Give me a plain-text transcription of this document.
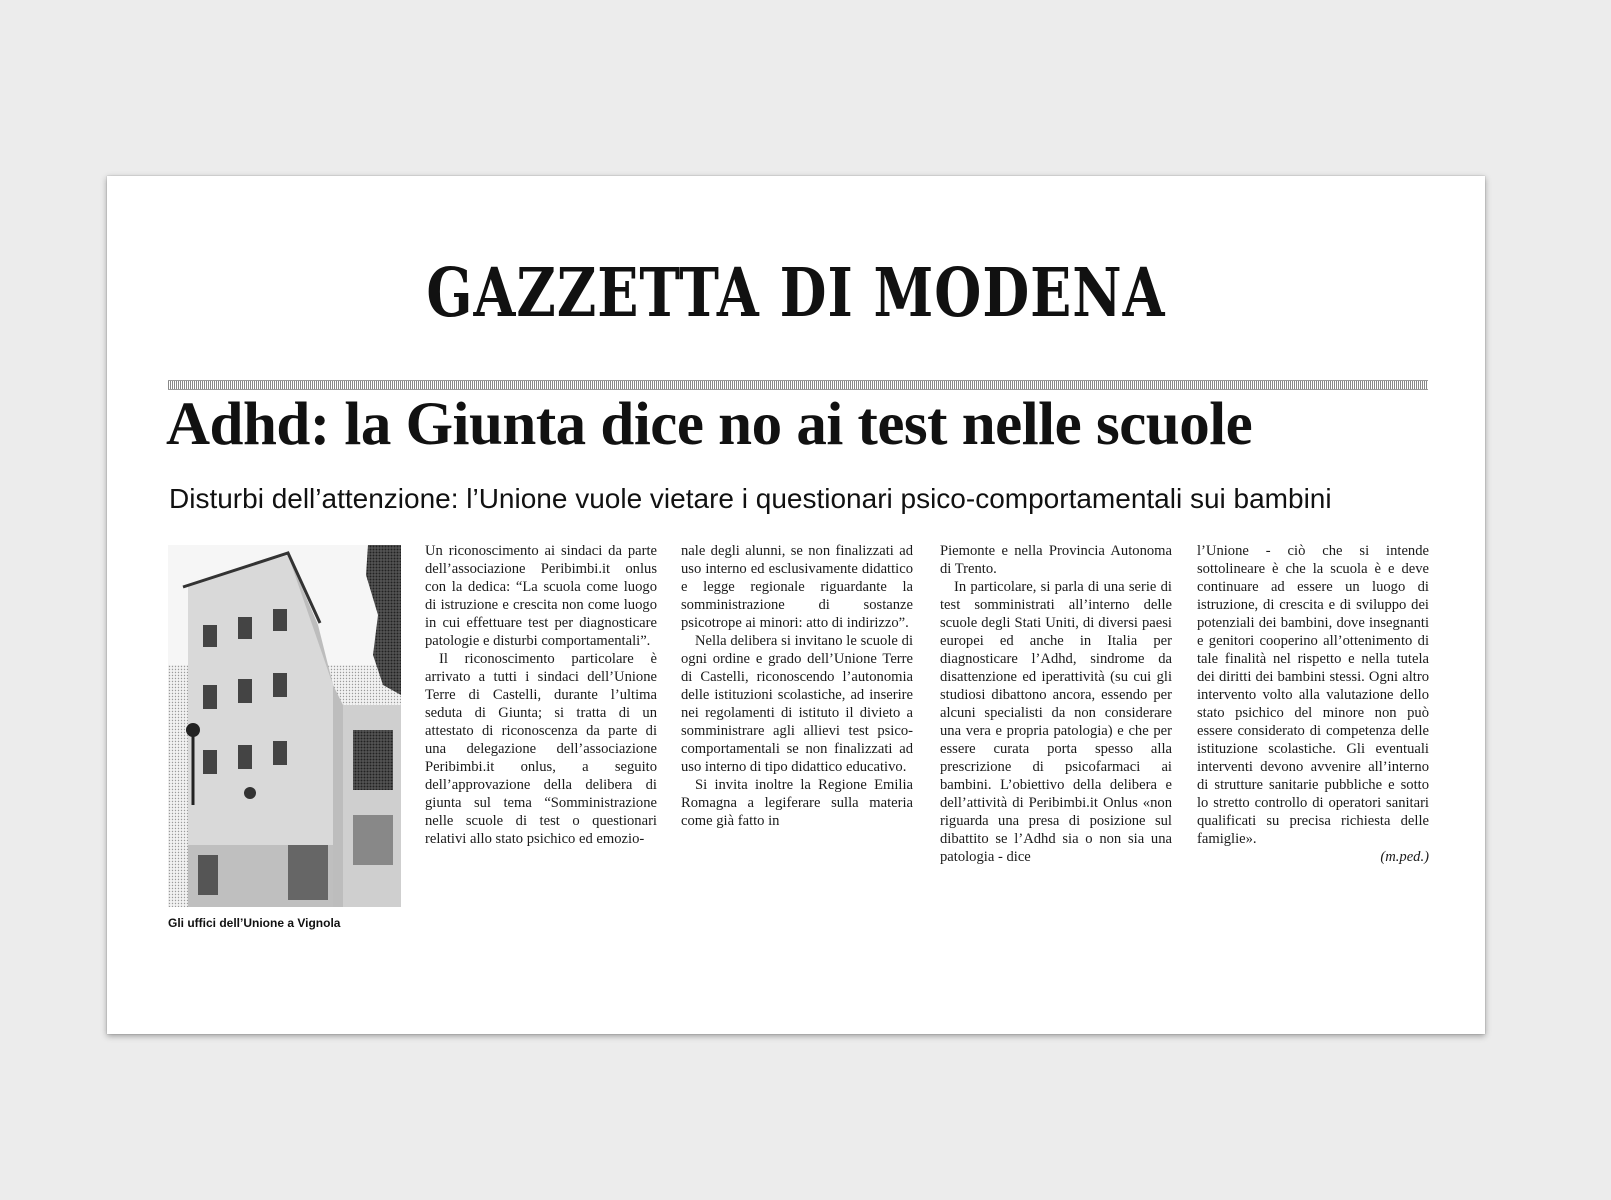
GAZZETTA DI MODENA
Adhd: la Giunta dice no ai test nelle scuole
Disturbi dell’attenzione: l’Unione vuole vietare i questionari psico-comportamentali sui bambini
Gli uffici dell’Unione a Vignola

Un riconoscimento ai sindaci da parte dell’associazione Peribimbi.it onlus con la dedica: “La scuola come luogo di istruzione e crescita non come luogo in cui effettuare test per diagnosticare patologie e disturbi comportamentali”.

Il riconoscimento particolare è arrivato a tutti i sindaci dell’Unione Terre di Castelli, durante l’ultima seduta di Giunta; si tratta di un attestato di riconoscenza da parte di una delegazione dell’associazione Peribimbi.it onlus, a seguito dell’approvazione della delibera di giunta sul tema “Somministrazione nelle scuole di test o questionari relativi allo stato psichico ed emozio-

nale degli alunni, se non finalizzati ad uso interno ed esclusivamente didattico e legge regionale riguardante la somministrazione di sostanze psicotrope ai minori: atto di indirizzo”.

Nella delibera si invitano le scuole di ogni ordine e grado dell’Unione Terre di Castelli, riconoscendo l’autonomia delle istituzioni scolastiche, ad inserire nei regolamenti di istituto il divieto a somministrare agli allievi test psico-comportamentali se non finalizzati ad uso interno di tipo didattico educativo.

Si invita inoltre la Regione Emilia Romagna a legiferare sulla materia come già fatto in

Piemonte e nella Provincia Autonoma di Trento.

In particolare, si parla di una serie di test somministrati all’interno delle scuole degli Stati Uniti, di diversi paesi europei ed anche in Italia per diagnosticare l’Adhd, sindrome da disattenzione ed iperattività (su cui gli studiosi dibattono ancora, essendo per alcuni specialisti da non considerare una vera e propria patologia) e che per essere curata porta spesso alla prescrizione di psicofarmaci ai bambini. L’obiettivo della delibera e dell’attività di Peribimbi.it Onlus «non riguarda una presa di posizione sul dibattito se l’Adhd sia o non sia una patologia - dice

l’Unione - ciò che si intende sottolineare è che la scuola è e deve continuare ad essere un luogo di istruzione, di crescita e di sviluppo dei potenziali dei bambini, dove insegnanti e genitori cooperino all’ottenimento di tale finalità nel rispetto e nella tutela dei diritti dei bambini stessi. Ogni altro intervento volto alla valutazione dello stato psichico del minore non può essere considerato di competenza delle istituzione scolastiche. Gli eventuali interventi devono avvenire all’interno di strutture sanitarie pubbliche e sotto lo stretto controllo di operatori sanitari qualificati su precisa richiesta delle famiglie».

(m.ped.)
